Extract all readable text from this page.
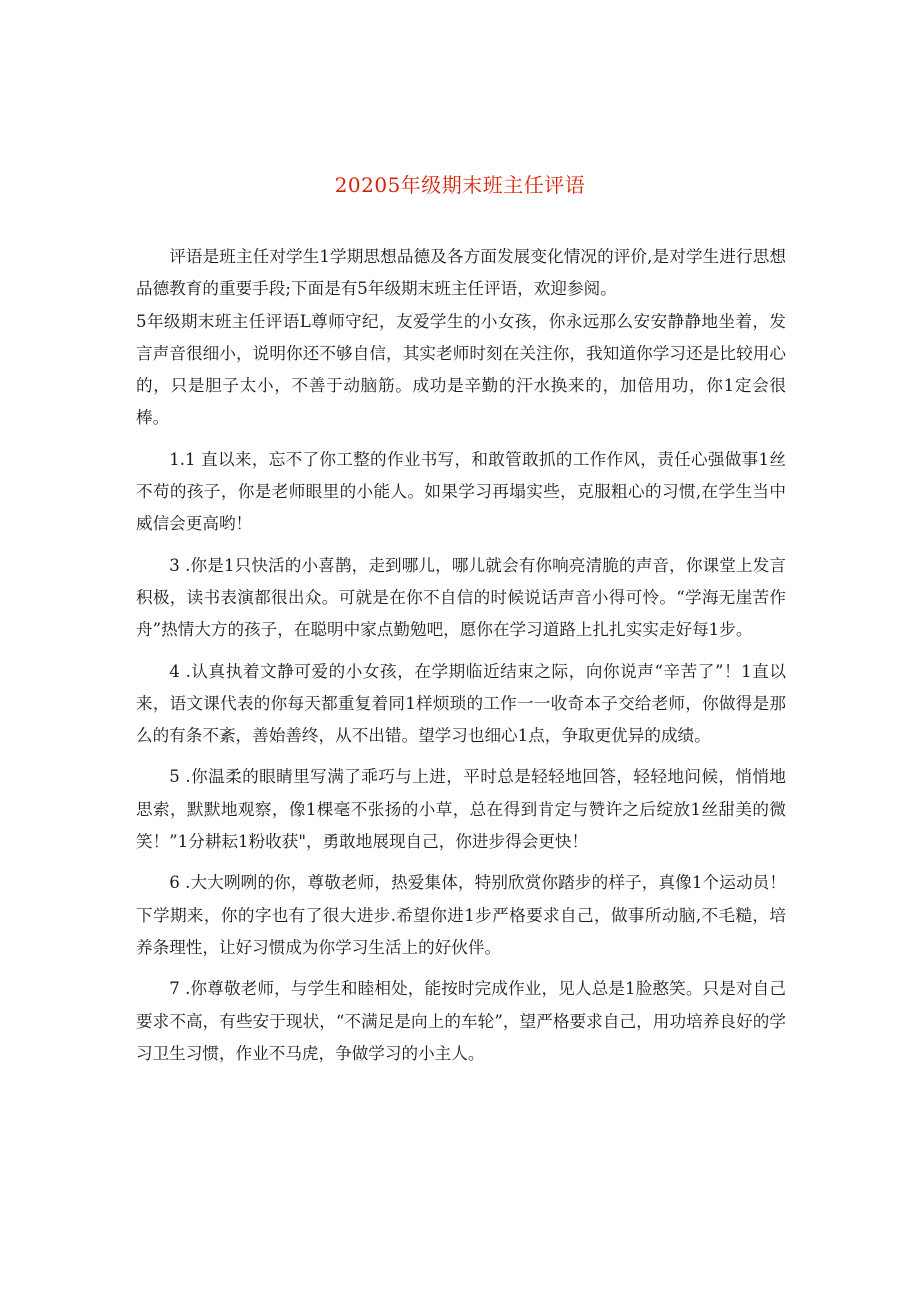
20205年级期末班主任评语

评语是班主任对学生1学期思想品德及各方面发展变化情况的评价,是对学生进行思想品德教育的重要手段;下面是有5年级期末班主任评语，欢迎参阅。

5年级期末班主任评语L尊师守纪，友爱学生的小女孩，你永远那么安安静静地坐着，发言声音很细小，说明你还不够自信，其实老师时刻在关注你，我知道你学习还是比较用心的，只是胆子太小，不善于动脑筋。成功是辛勤的汗水换来的，加倍用功，你1定会很棒。

1.1 直以来，忘不了你工整的作业书写，和敢管敢抓的工作作风，责任心强做事1丝不苟的孩子，你是老师眼里的小能人。如果学习再塌实些，克服粗心的习惯,在学生当中威信会更高哟！

3 .你是1只快活的小喜鹊，走到哪儿，哪儿就会有你响亮清脆的声音，你课堂上发言积极，读书表演都很出众。可就是在你不自信的时候说话声音小得可怜。“学海无崖苦作舟”热情大方的孩子，在聪明中家点勤勉吧，愿你在学习道路上扎扎实实走好每1步。

4 .认真执着文静可爱的小女孩，在学期临近结束之际，向你说声“辛苦了”！1直以来，语文课代表的你每天都重复着同1样烦琐的工作一一收奇本子交给老师，你做得是那么的有条不紊，善始善终，从不出错。望学习也细心1点，争取更优异的成绩。

5 .你温柔的眼睛里写满了乖巧与上进，平时总是轻轻地回答，轻轻地问候，悄悄地思索，默默地观察，像1棵毫不张扬的小草，总在得到肯定与赞许之后绽放1丝甜美的微笑！”1分耕耘1粉收获"，勇敢地展现自己，你进步得会更快！

6 .大大咧咧的你，尊敬老师，热爱集体，特别欣赏你踏步的样子，真像1个运动员！下学期来，你的字也有了很大进步.希望你进1步严格要求自己，做事所动脑,不毛糙，培养条理性，让好习惯成为你学习生活上的好伙伴。

7 .你尊敬老师，与学生和睦相处，能按时完成作业，见人总是1脸憨笑。只是对自己要求不高，有些安于现状，“不满足是向上的车轮”，望严格要求自己，用功培养良好的学习卫生习惯，作业不马虎，争做学习的小主人。
